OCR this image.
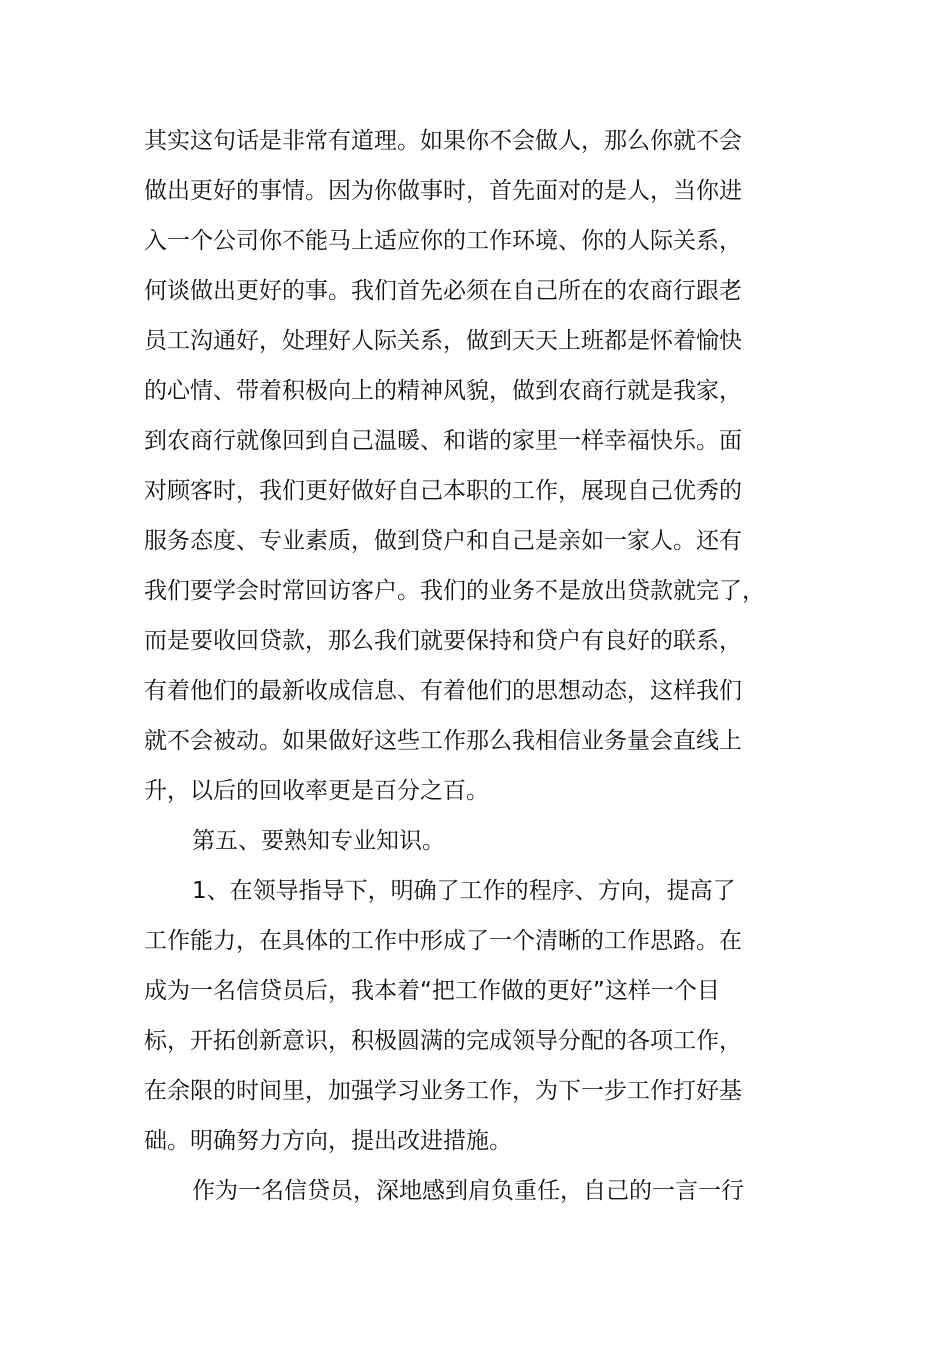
其实这句话是非常有道理。如果你不会做人，那么你就不会
做出更好的事情。因为你做事时，首先面对的是人，当你进
入一个公司你不能马上适应你的工作环境、你的人际关系，
何谈做出更好的事。我们首先必须在自己所在的农商行跟老
员工沟通好，处理好人际关系，做到天天上班都是怀着愉快
的心情、带着积极向上的精神风貌，做到农商行就是我家，
到农商行就像回到自己温暖、和谐的家里一样幸福快乐。面
对顾客时，我们更好做好自己本职的工作，展现自己优秀的
服务态度、专业素质，做到贷户和自己是亲如一家人。还有
我们要学会时常回访客户。我们的业务不是放出贷款就完了，
而是要收回贷款，那么我们就要保持和贷户有良好的联系，
有着他们的最新收成信息、有着他们的思想动态，这样我们
就不会被动。如果做好这些工作那么我相信业务量会直线上
升，以后的回收率更是百分之百。
第五、要熟知专业知识。
1、在领导指导下，明确了工作的程序、方向，提高了
工作能力，在具体的工作中形成了一个清晰的工作思路。在
成为一名信贷员后，我本着“把工作做的更好”这样一个目
标，开拓创新意识，积极圆满的完成领导分配的各项工作，
在余限的时间里，加强学习业务工作，为下一步工作打好基
础。明确努力方向，提出改进措施。
作为一名信贷员，深地感到肩负重任，自己的一言一行
